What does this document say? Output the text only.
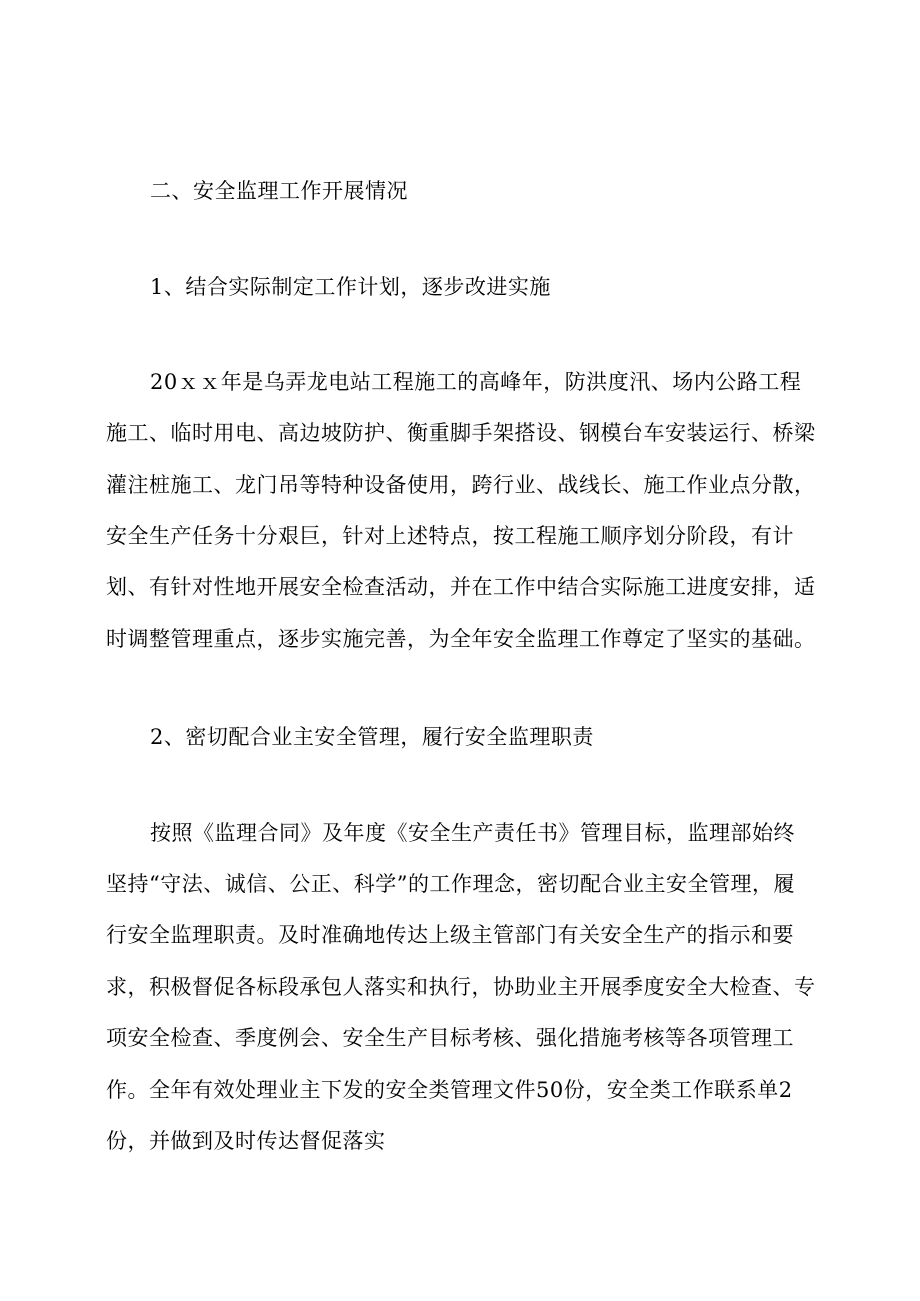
二、安全监理工作开展情况
1、结合实际制定工作计划，逐步改进实施
20ｘｘ年是乌弄龙电站工程施工的高峰年，防洪度汛、场内公路工程
施工、临时用电、高边坡防护、衡重脚手架搭设、钢模台车安装运行、桥梁
灌注桩施工、龙门吊等特种设备使用，跨行业、战线长、施工作业点分散，
安全生产任务十分艰巨，针对上述特点，按工程施工顺序划分阶段，有计
划、有针对性地开展安全检查活动，并在工作中结合实际施工进度安排，适
时调整管理重点，逐步实施完善，为全年安全监理工作尊定了坚实的基础。
2、密切配合业主安全管理，履行安全监理职责
按照《监理合同》及年度《安全生产责任书》管理目标，监理部始终
坚持“守法、诚信、公正、科学”的工作理念，密切配合业主安全管理，履
行安全监理职责。及时准确地传达上级主管部门有关安全生产的指示和要
求，积极督促各标段承包人落实和执行，协助业主开展季度安全大检查、专
项安全检查、季度例会、安全生产目标考核、强化措施考核等各项管理工
作。全年有效处理业主下发的安全类管理文件50份，安全类工作联系单2
份，并做到及时传达督促落实
